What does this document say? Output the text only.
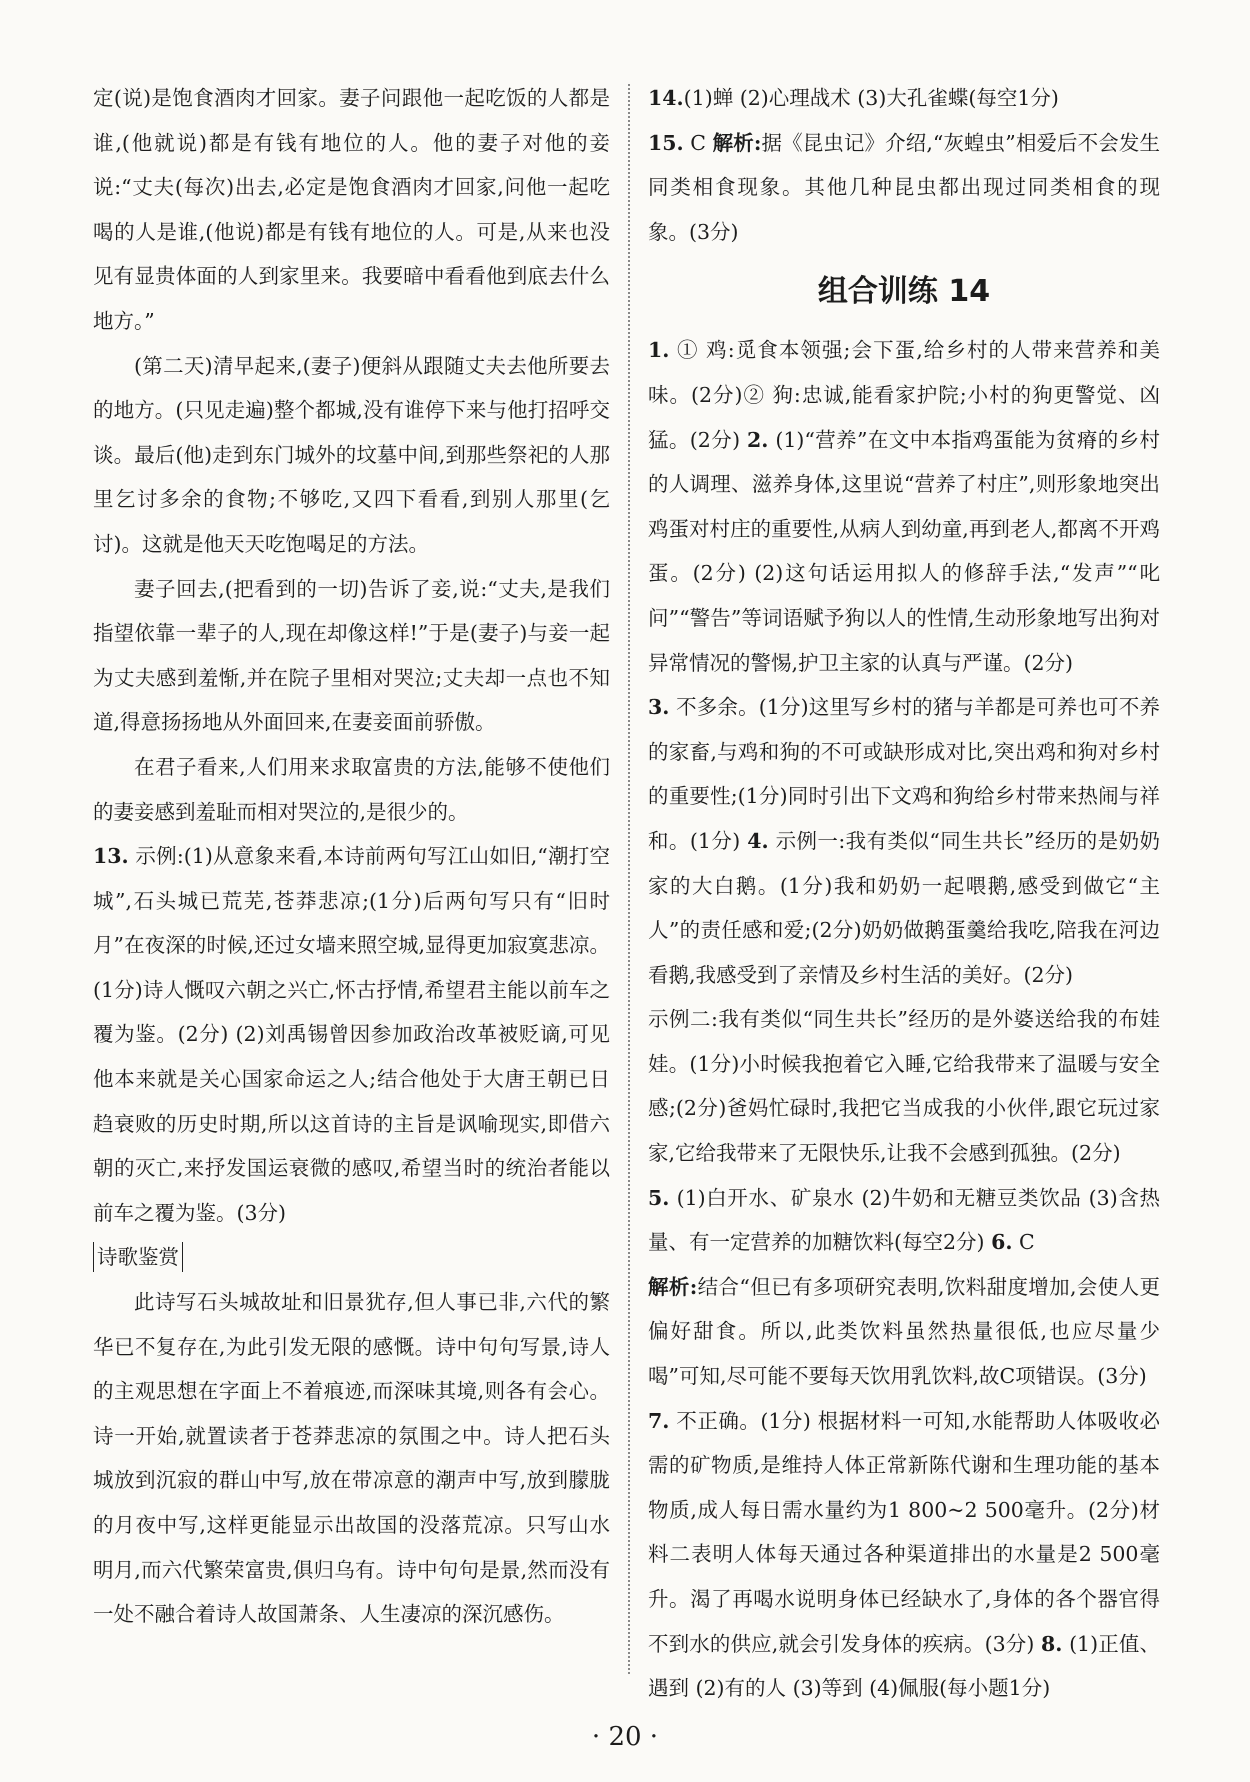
定(说)是饱食酒肉才回家。妻子问跟他一起吃饭的人都是谁,(他就说)都是有钱有地位的人。他的妻子对他的妾说:“丈夫(每次)出去,必定是饱食酒肉才回家,问他一起吃喝的人是谁,(他说)都是有钱有地位的人。可是,从来也没见有显贵体面的人到家里来。我要暗中看看他到底去什么地方。”

(第二天)清早起来,(妻子)便斜从跟随丈夫去他所要去的地方。(只见走遍)整个都城,没有谁停下来与他打招呼交谈。最后(他)走到东门城外的坟墓中间,到那些祭祀的人那里乞讨多余的食物;不够吃,又四下看看,到别人那里(乞讨)。这就是他天天吃饱喝足的方法。

妻子回去,(把看到的一切)告诉了妾,说:“丈夫,是我们指望依靠一辈子的人,现在却像这样!”于是(妻子)与妾一起为丈夫感到羞惭,并在院子里相对哭泣;丈夫却一点也不知道,得意扬扬地从外面回来,在妻妾面前骄傲。

在君子看来,人们用来求取富贵的方法,能够不使他们的妻妾感到羞耻而相对哭泣的,是很少的。

13. 示例:(1)从意象来看,本诗前两句写江山如旧,“潮打空城”,石头城已荒芜,苍莽悲凉;(1分)后两句写只有“旧时月”在夜深的时候,还过女墙来照空城,显得更加寂寞悲凉。(1分)诗人慨叹六朝之兴亡,怀古抒情,希望君主能以前车之覆为鉴。(2分) (2)刘禹锡曾因参加政治改革被贬谪,可见他本来就是关心国家命运之人;结合他处于大唐王朝已日趋衰败的历史时期,所以这首诗的主旨是讽喻现实,即借六朝的灭亡,来抒发国运衰微的感叹,希望当时的统治者能以前车之覆为鉴。(3分)

诗歌鉴赏

此诗写石头城故址和旧景犹存,但人事已非,六代的繁华已不复存在,为此引发无限的感慨。诗中句句写景,诗人的主观思想在字面上不着痕迹,而深味其境,则各有会心。诗一开始,就置读者于苍莽悲凉的氛围之中。诗人把石头城放到沉寂的群山中写,放在带凉意的潮声中写,放到朦胧的月夜中写,这样更能显示出故国的没落荒凉。只写山水明月,而六代繁荣富贵,俱归乌有。诗中句句是景,然而没有一处不融合着诗人故国萧条、人生凄凉的深沉感伤。

14.(1)蝉 (2)心理战术 (3)大孔雀蝶(每空1分)

15. C 解析:据《昆虫记》介绍,“灰蝗虫”相爱后不会发生同类相食现象。其他几种昆虫都出现过同类相食的现象。(3分)

组合训练 14

1. ① 鸡:觅食本领强;会下蛋,给乡村的人带来营养和美味。(2分)② 狗:忠诚,能看家护院;小村的狗更警觉、凶猛。(2分) 2. (1)“营养”在文中本指鸡蛋能为贫瘠的乡村的人调理、滋养身体,这里说“营养了村庄”,则形象地突出鸡蛋对村庄的重要性,从病人到幼童,再到老人,都离不开鸡蛋。(2分) (2)这句话运用拟人的修辞手法,“发声”“叱问”“警告”等词语赋予狗以人的性情,生动形象地写出狗对异常情况的警惕,护卫主家的认真与严谨。(2分)

3. 不多余。(1分)这里写乡村的猪与羊都是可养也可不养的家畜,与鸡和狗的不可或缺形成对比,突出鸡和狗对乡村的重要性;(1分)同时引出下文鸡和狗给乡村带来热闹与祥和。(1分) 4. 示例一:我有类似“同生共长”经历的是奶奶家的大白鹅。(1分)我和奶奶一起喂鹅,感受到做它“主人”的责任感和爱;(2分)奶奶做鹅蛋羹给我吃,陪我在河边看鹅,我感受到了亲情及乡村生活的美好。(2分)

示例二:我有类似“同生共长”经历的是外婆送给我的布娃娃。(1分)小时候我抱着它入睡,它给我带来了温暖与安全感;(2分)爸妈忙碌时,我把它当成我的小伙伴,跟它玩过家家,它给我带来了无限快乐,让我不会感到孤独。(2分)

5. (1)白开水、矿泉水 (2)牛奶和无糖豆类饮品 (3)含热量、有一定营养的加糖饮料(每空2分) 6. C

解析:结合“但已有多项研究表明,饮料甜度增加,会使人更偏好甜食。所以,此类饮料虽然热量很低,也应尽量少喝”可知,尽可能不要每天饮用乳饮料,故C项错误。(3分)

7. 不正确。(1分) 根据材料一可知,水能帮助人体吸收必需的矿物质,是维持人体正常新陈代谢和生理功能的基本物质,成人每日需水量约为1 800~2 500毫升。(2分)材料二表明人体每天通过各种渠道排出的水量是2 500毫升。渴了再喝水说明身体已经缺水了,身体的各个器官得不到水的供应,就会引发身体的疾病。(3分) 8. (1)正值、遇到 (2)有的人 (3)等到 (4)佩服(每小题1分)

· 20 ·
